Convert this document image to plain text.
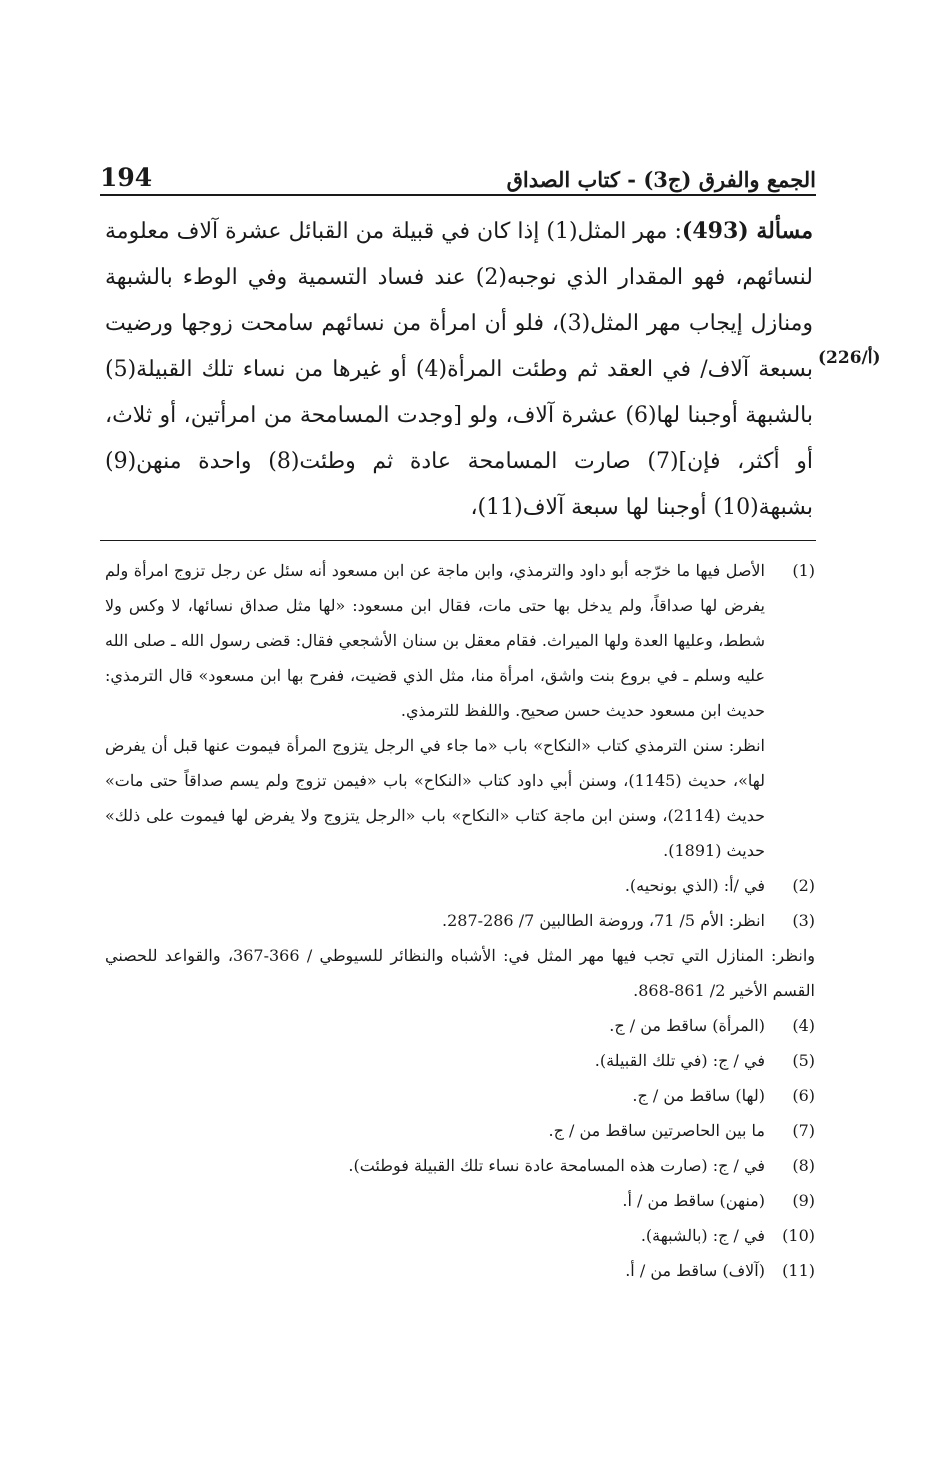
194	الجمع والفرق (ج3) - كتاب الصداق
مسألة (493): مهر المثل(1) إذا كان في قبيلة من القبائل عشرة آلاف معلومة لنسائهم، فهو المقدار الذي نوجبه(2) عند فساد التسمية وفي الوطء بالشبهة ومنازل إيجاب مهر المثل(3)، فلو أن امرأة من نسائهم سامحت زوجها ورضيت بسبعة آلاف/ في العقد ثم وطئت المرأة(4) أو غيرها من نساء تلك القبيلة(5) بالشبهة أوجبنا لها(6) عشرة آلاف، ولو [وجدت المسامحة من امرأتين، أو ثلاث، أو أكثر، فإن](7) صارت المسامحة عادة ثم وطئت(8) واحدة منهن(9) بشبهة(10) أوجبنا لها سبعة آلاف(11)،
(226/أ)
(1)
الأصل فيها ما خرّجه أبو داود والترمذي، وابن ماجة عن ابن مسعود أنه سئل عن رجل تزوج امرأة ولم يفرض لها صداقاً، ولم يدخل بها حتى مات، فقال ابن مسعود: «لها مثل صداق نسائها، لا وكس ولا شطط، وعليها العدة ولها الميراث. فقام معقل بن سنان الأشجعي فقال: قضى رسول الله ـ صلى الله عليه وسلم ـ في بروع بنت واشق، امرأة منا، مثل الذي قضيت، ففرح بها ابن مسعود» قال الترمذي: حديث ابن مسعود حديث حسن صحيح. واللفظ للترمذي.
انظر: سنن الترمذي كتاب «النكاح» باب «ما جاء في الرجل يتزوج المرأة فيموت عنها قبل أن يفرض لها»، حديث (1145)، وسنن أبي داود كتاب «النكاح» باب «فيمن تزوج ولم يسم صداقاً حتى مات» حديث (2114)، وسنن ابن ماجة كتاب «النكاح» باب «الرجل يتزوج ولا يفرض لها فيموت على ذلك» حديث (1891).
(2)
في /أ: (الذي بونحيه).
(3)
انظر: الأم 5/ 71، وروضة الطالبين 7/ 286-287.
وانظر: المنازل التي تجب فيها مهر المثل في: الأشباه والنظائر للسيوطي / 366-367، والقواعد للحصني القسم الأخير 2/ 861-868.
(4)
(المرأة) ساقط من / ج.
(5)
في / ج: (في تلك القبيلة).
(6)
(لها) ساقط من / ج.
(7)
ما بين الحاصرتين ساقط من / ج.
(8)
في / ج: (صارت هذه المسامحة عادة نساء تلك القبيلة فوطئت).
(9)
(منهن) ساقط من / أ.
(10)
في / ج: (بالشبهة).
(11)
(آلاف) ساقط من / أ.
